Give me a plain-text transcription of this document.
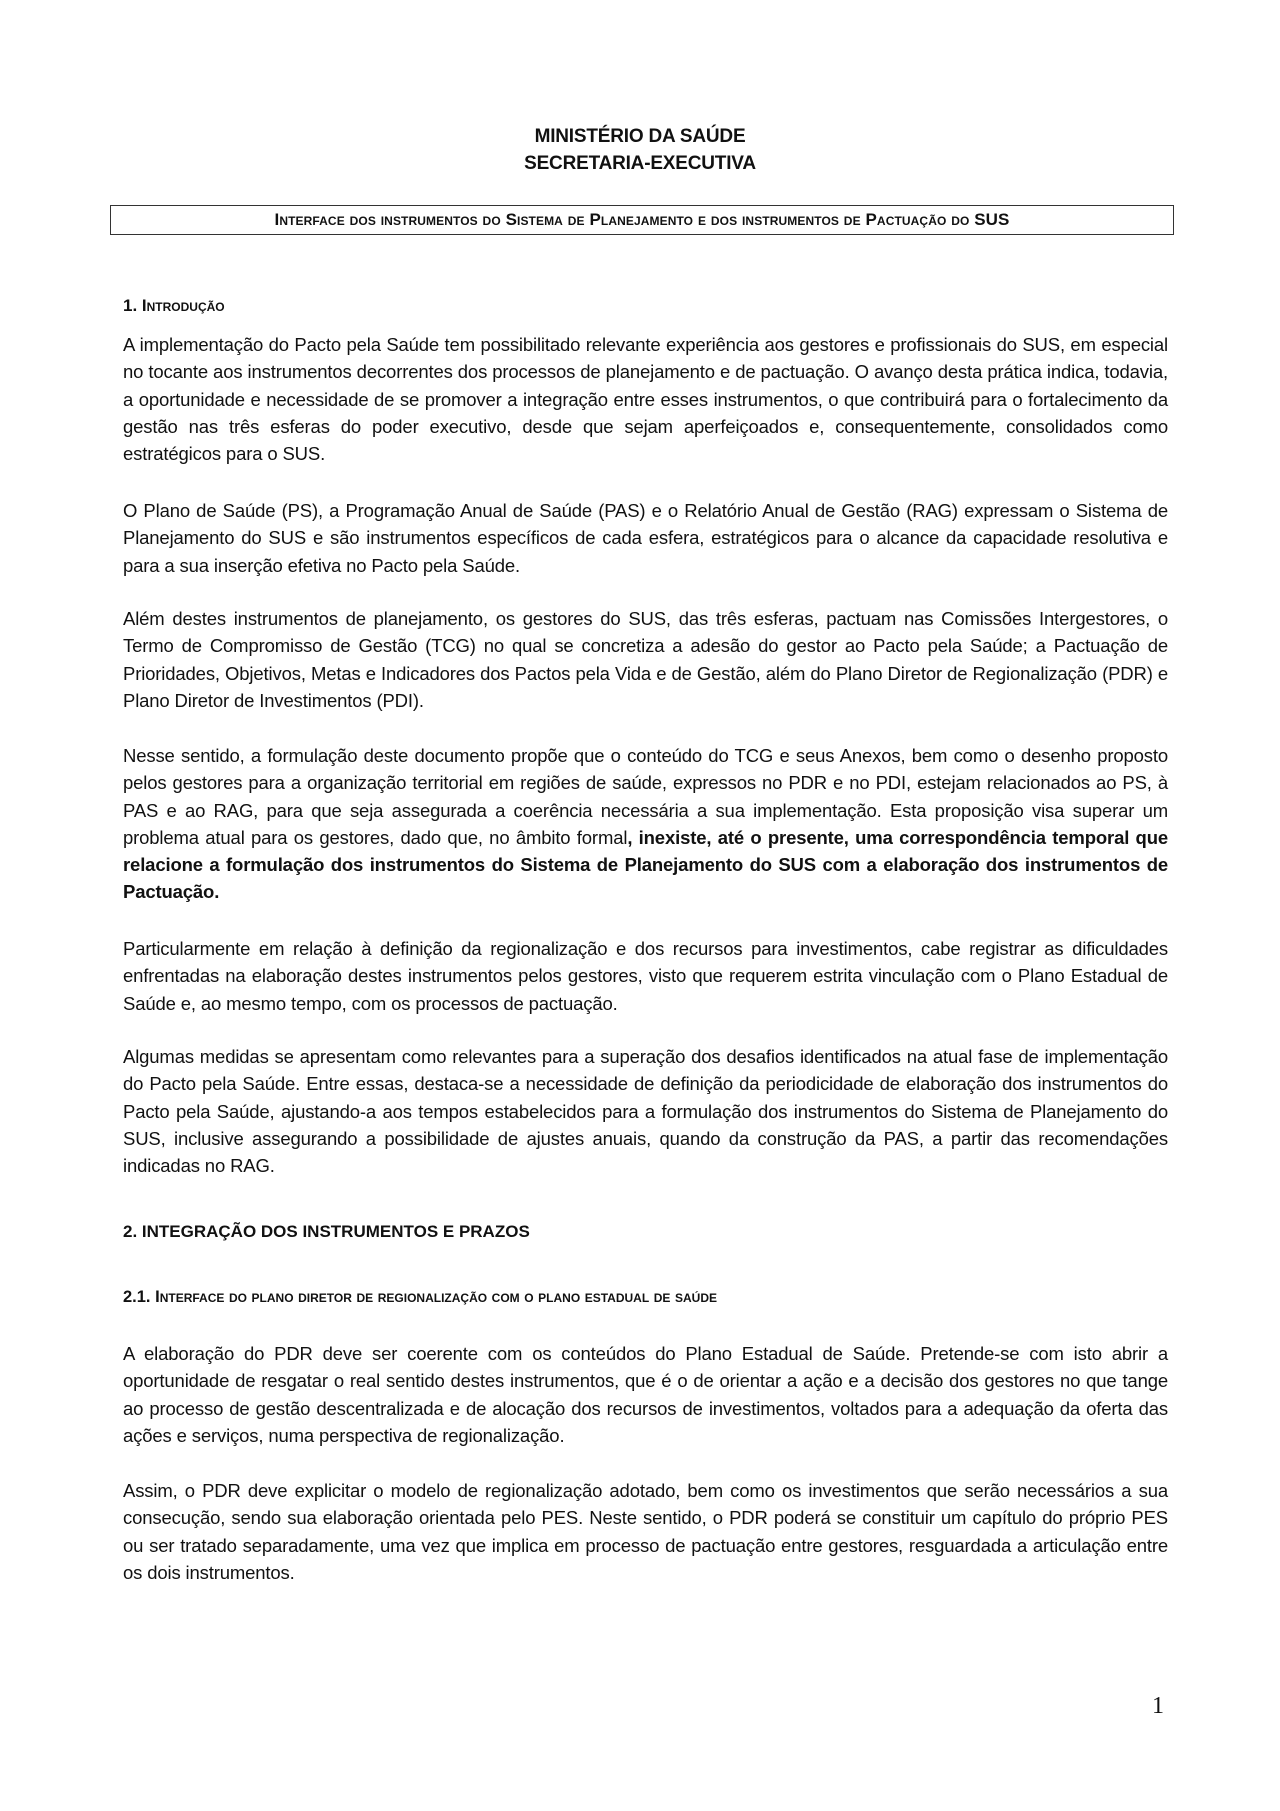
MINISTÉRIO DA SAÚDE
SECRETARIA-EXECUTIVA
Interface dos instrumentos do Sistema de Planejamento e dos instrumentos de Pactuação do SUS
1. Introdução
A implementação do Pacto pela Saúde tem possibilitado relevante experiência aos gestores e profissionais do SUS, em especial no tocante aos instrumentos decorrentes dos processos de planejamento e de pactuação. O avanço desta prática indica, todavia, a oportunidade e necessidade de se promover a integração entre esses instrumentos, o que contribuirá para o fortalecimento da gestão nas três esferas do poder executivo, desde que sejam aperfeiçoados e, consequentemente, consolidados como estratégicos para o SUS.
O Plano de Saúde (PS), a Programação Anual de Saúde (PAS) e o Relatório Anual de Gestão (RAG) expressam o Sistema de Planejamento do SUS e são instrumentos específicos de cada esfera, estratégicos para o alcance da capacidade resolutiva e para a sua inserção efetiva no Pacto pela Saúde.
Além destes instrumentos de planejamento, os gestores do SUS, das três esferas, pactuam nas Comissões Intergestores, o Termo de Compromisso de Gestão (TCG) no qual se concretiza a adesão do gestor ao Pacto pela Saúde; a Pactuação de Prioridades, Objetivos, Metas e Indicadores dos Pactos pela Vida e de Gestão, além do Plano Diretor de Regionalização (PDR) e Plano Diretor de Investimentos (PDI).
Nesse sentido, a formulação deste documento propõe que o conteúdo do TCG e seus Anexos, bem como o desenho proposto pelos gestores para a organização territorial em regiões de saúde, expressos no PDR e no PDI, estejam relacionados ao PS, à PAS e ao RAG, para que seja assegurada a coerência necessária a sua implementação. Esta proposição visa superar um problema atual para os gestores, dado que, no âmbito formal, inexiste, até o presente, uma correspondência temporal que relacione a formulação dos instrumentos do Sistema de Planejamento do SUS com a elaboração dos instrumentos de Pactuação.
Particularmente em relação à definição da regionalização e dos recursos para investimentos, cabe registrar as dificuldades enfrentadas na elaboração destes instrumentos pelos gestores, visto que requerem estrita vinculação com o Plano Estadual de Saúde e, ao mesmo tempo, com os processos de pactuação.
Algumas medidas se apresentam como relevantes para a superação dos desafios identificados na atual fase de implementação do Pacto pela Saúde. Entre essas, destaca-se a necessidade de definição da periodicidade de elaboração dos instrumentos do Pacto pela Saúde, ajustando-a aos tempos estabelecidos para a formulação dos instrumentos do Sistema de Planejamento do SUS, inclusive assegurando a possibilidade de ajustes anuais, quando da construção da PAS, a partir das recomendações indicadas no RAG.
2. INTEGRAÇÃO DOS INSTRUMENTOS E PRAZOS
2.1. Interface do plano diretor de regionalização com o plano estadual de saúde
A elaboração do PDR deve ser coerente com os conteúdos do Plano Estadual de Saúde. Pretende-se com isto abrir a oportunidade de resgatar o real sentido destes instrumentos, que é o de orientar a ação e a decisão dos gestores no que tange ao processo de gestão descentralizada e de alocação dos recursos de investimentos, voltados para a adequação da oferta das ações e serviços, numa perspectiva de regionalização.
Assim, o PDR deve explicitar o modelo de regionalização adotado, bem como os investimentos que serão necessários a sua consecução, sendo sua elaboração orientada pelo PES. Neste sentido, o PDR poderá se constituir um capítulo do próprio PES ou ser tratado separadamente, uma vez que implica em processo de pactuação entre gestores, resguardada a articulação entre os dois instrumentos.
1
